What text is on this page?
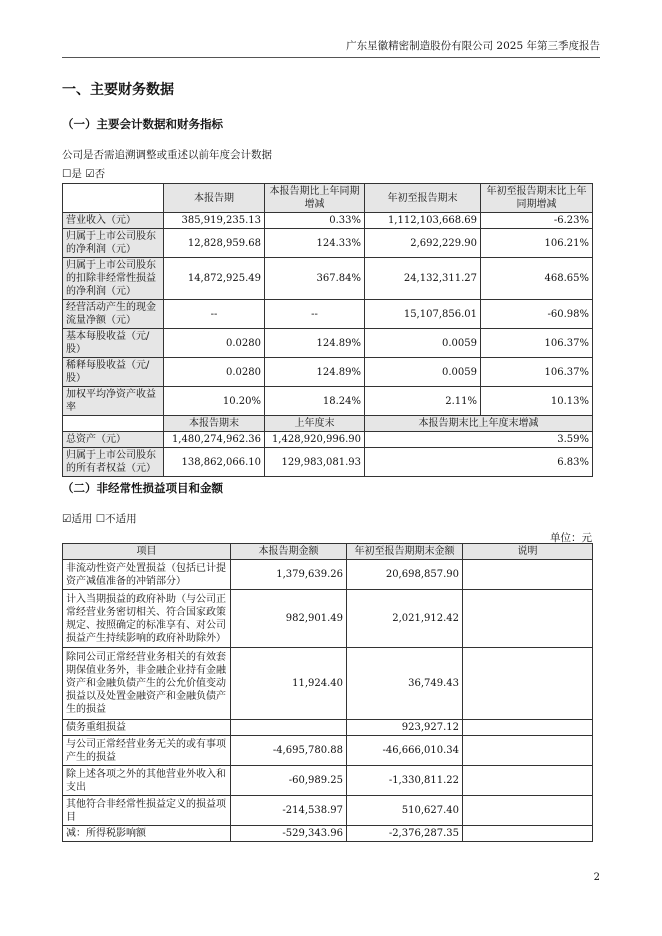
广东星徽精密制造股份有限公司 2025 年第三季度报告
一、主要财务数据
（一）主要会计数据和财务指标
公司是否需追溯调整或重述以前年度会计数据
☐是 ☑否
	本报告期	本报告期比上年同期增减	年初至报告期末	年初至报告期末比上年同期增减
营业收入（元）	385,919,235.13	0.33%	1,112,103,668.69	-6.23%
归属于上市公司股东的净利润（元）	12,828,959.68	124.33%	2,692,229.90	106.21%
归属于上市公司股东的扣除非经常性损益的净利润（元）	14,872,925.49	367.84%	24,132,311.27	468.65%
经营活动产生的现金流量净额（元）	--	--	15,107,856.01	-60.98%
基本每股收益（元/股）	0.0280	124.89%	0.0059	106.37%
稀释每股收益（元/股）	0.0280	124.89%	0.0059	106.37%
加权平均净资产收益率	10.20%	18.24%	2.11%	10.13%
	本报告期末	上年度末	本报告期末比上年度末增减	
总资产（元）	1,480,274,962.36	1,428,920,996.90	3.59%	
归属于上市公司股东的所有者权益（元）	138,862,066.10	129,983,081.93	6.83%	
（二）非经常性损益项目和金额
☑适用 ☐不适用
单位：元
项目	本报告期金额	年初至报告期期末金额	说明
非流动性资产处置损益（包括已计提资产减值准备的冲销部分）	1,379,639.26	20,698,857.90	
计入当期损益的政府补助（与公司正常经营业务密切相关、符合国家政策规定、按照确定的标准享有、对公司损益产生持续影响的政府补助除外）	982,901.49	2,021,912.42	
除同公司正常经营业务相关的有效套期保值业务外，非金融企业持有金融资产和金融负债产生的公允价值变动损益以及处置金融资产和金融负债产生的损益	11,924.40	36,749.43	
债务重组损益		923,927.12	
与公司正常经营业务无关的或有事项产生的损益	-4,695,780.88	-46,666,010.34	
除上述各项之外的其他营业外收入和支出	-60,989.25	-1,330,811.22	
其他符合非经常性损益定义的损益项目	-214,538.97	510,627.40	
减：所得税影响额	-529,343.96	-2,376,287.35	
2
